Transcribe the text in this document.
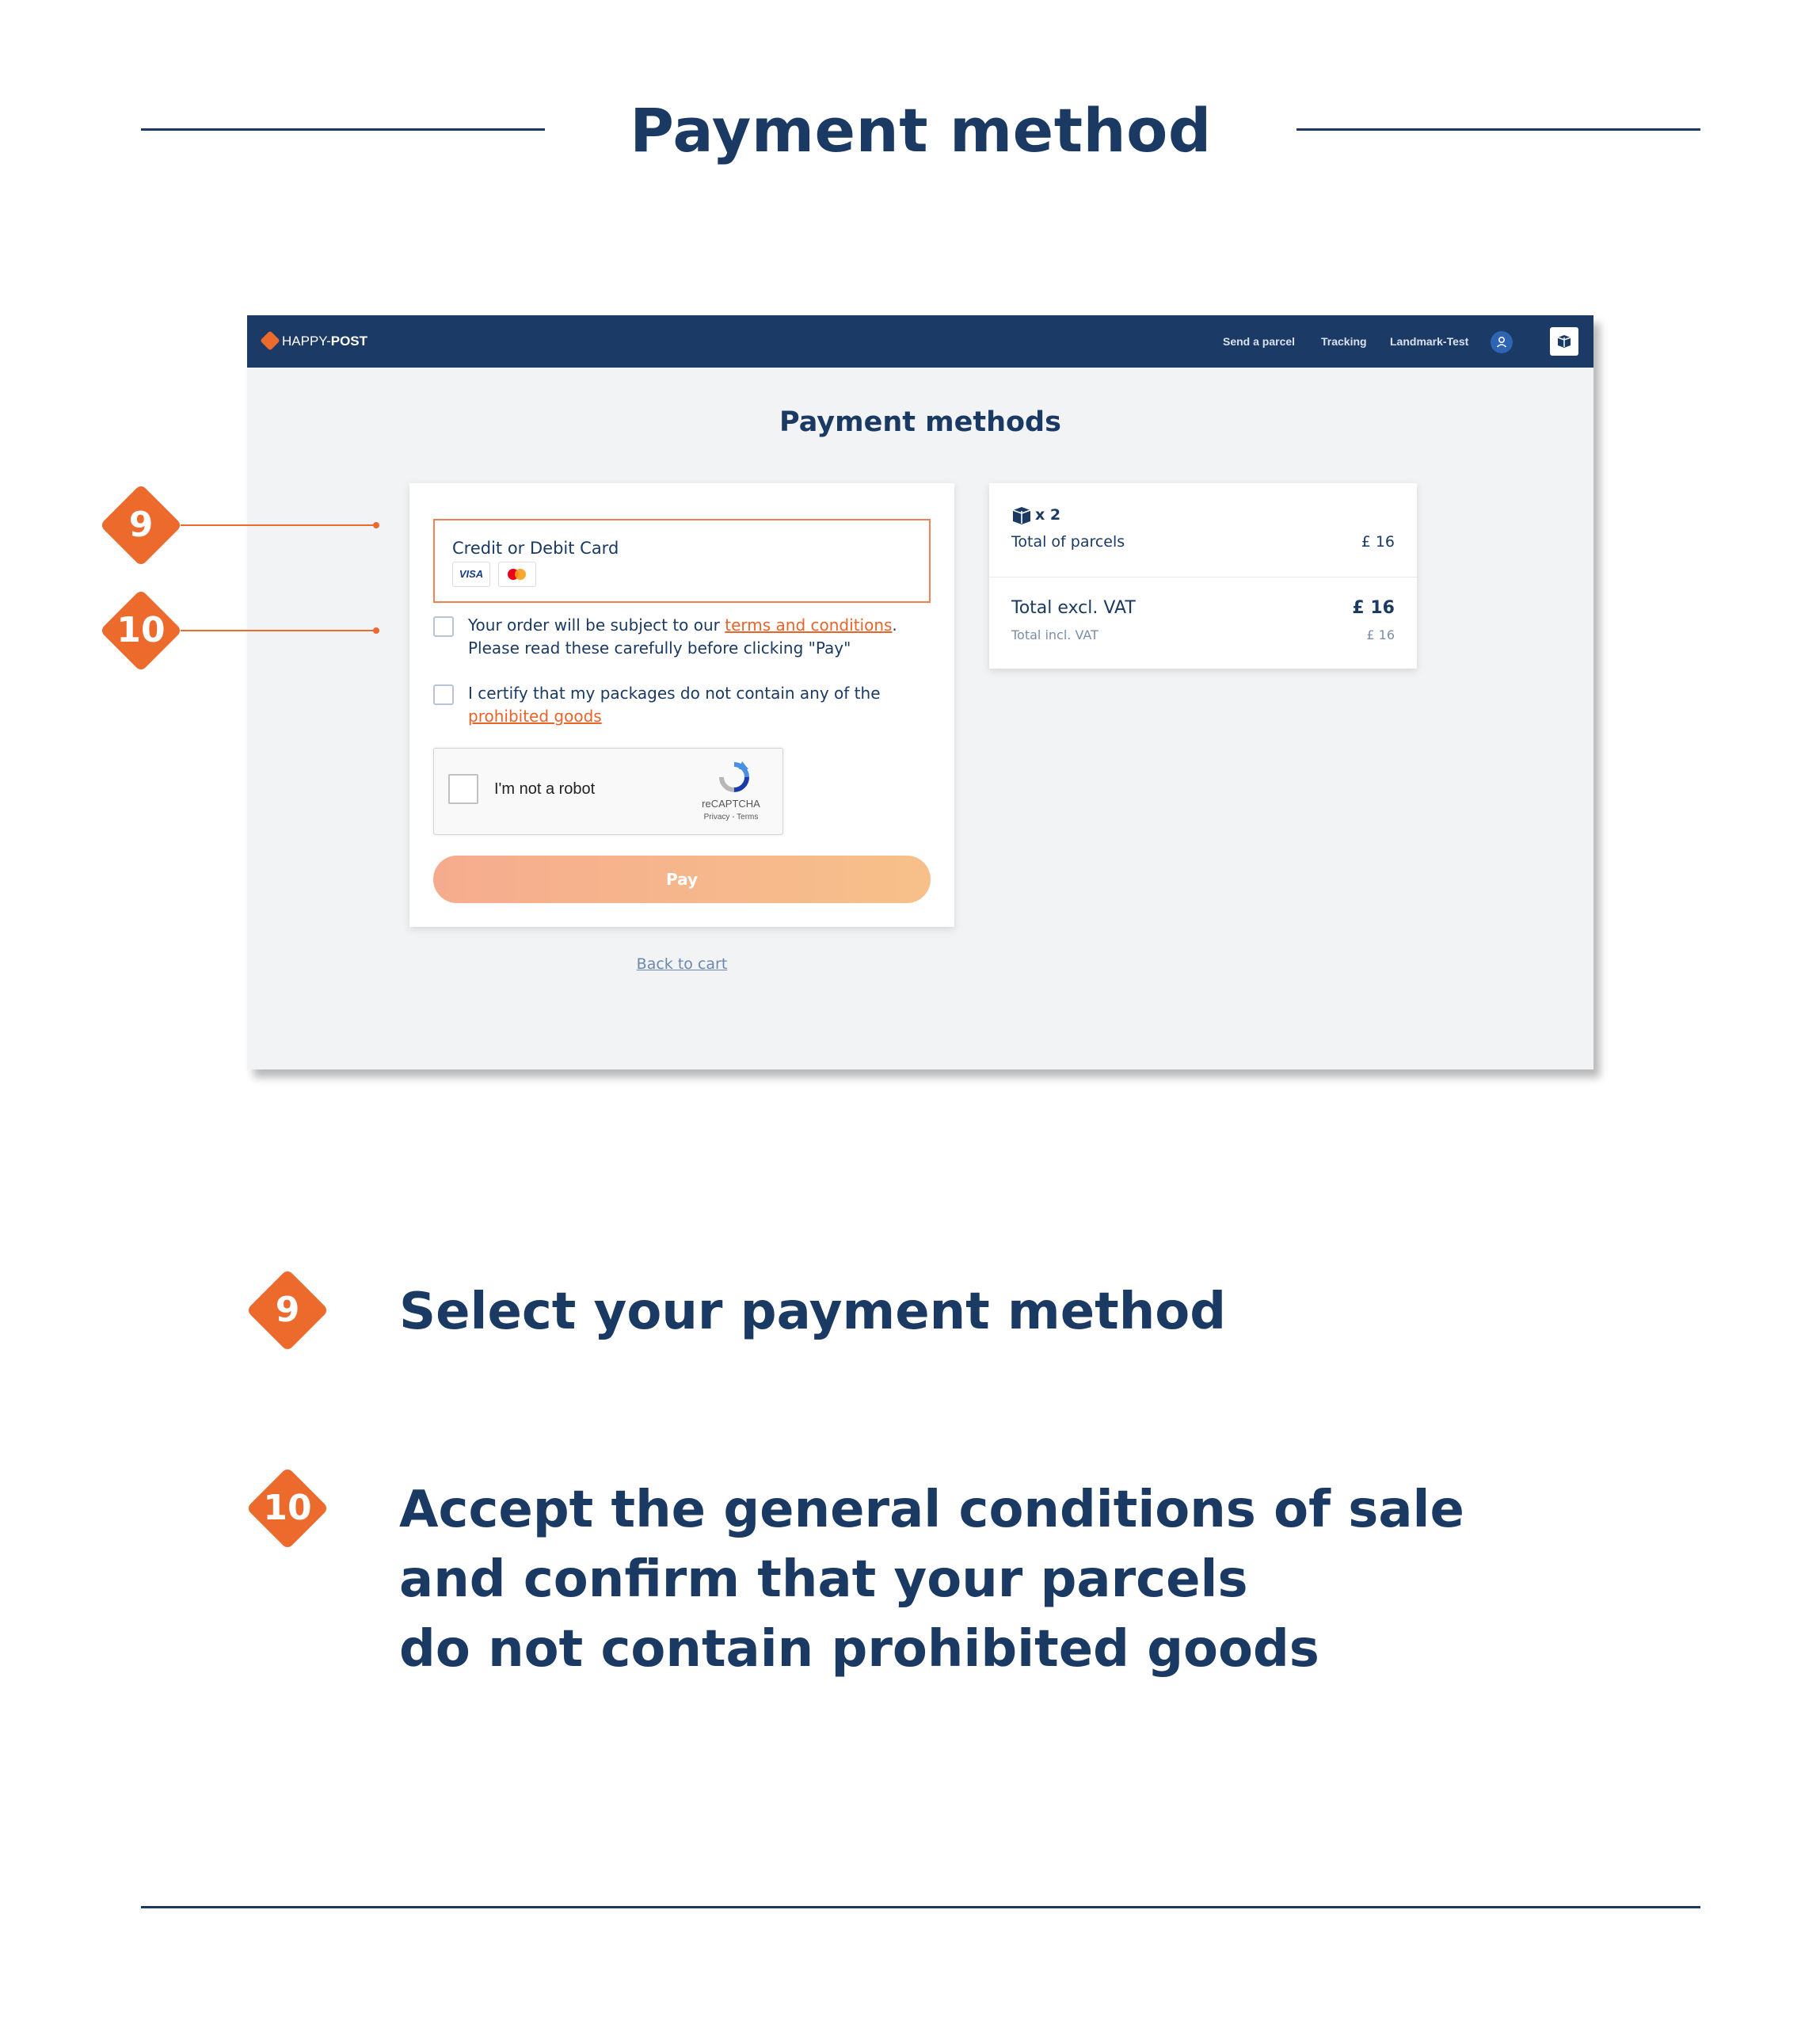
Payment method
HAPPY-POST	Send a parcel Tracking Landmark-Test
Payment methods
Credit or Debit Card
VISA
Your order will be subject to our terms and conditions.
Please read these carefully before clicking "Pay"
I certify that my packages do not contain any of the
prohibited goods
I'm not a robot
reCAPTCHA
Privacy - Terms
Pay
Back to cart
x 2
Total of parcels	£ 16
Total excl. VAT	£ 16
Total incl. VAT	£ 16
9
10
9	Select your payment method
10	Accept the general conditions of sale
and confirm that your parcels
do not contain prohibited goods
